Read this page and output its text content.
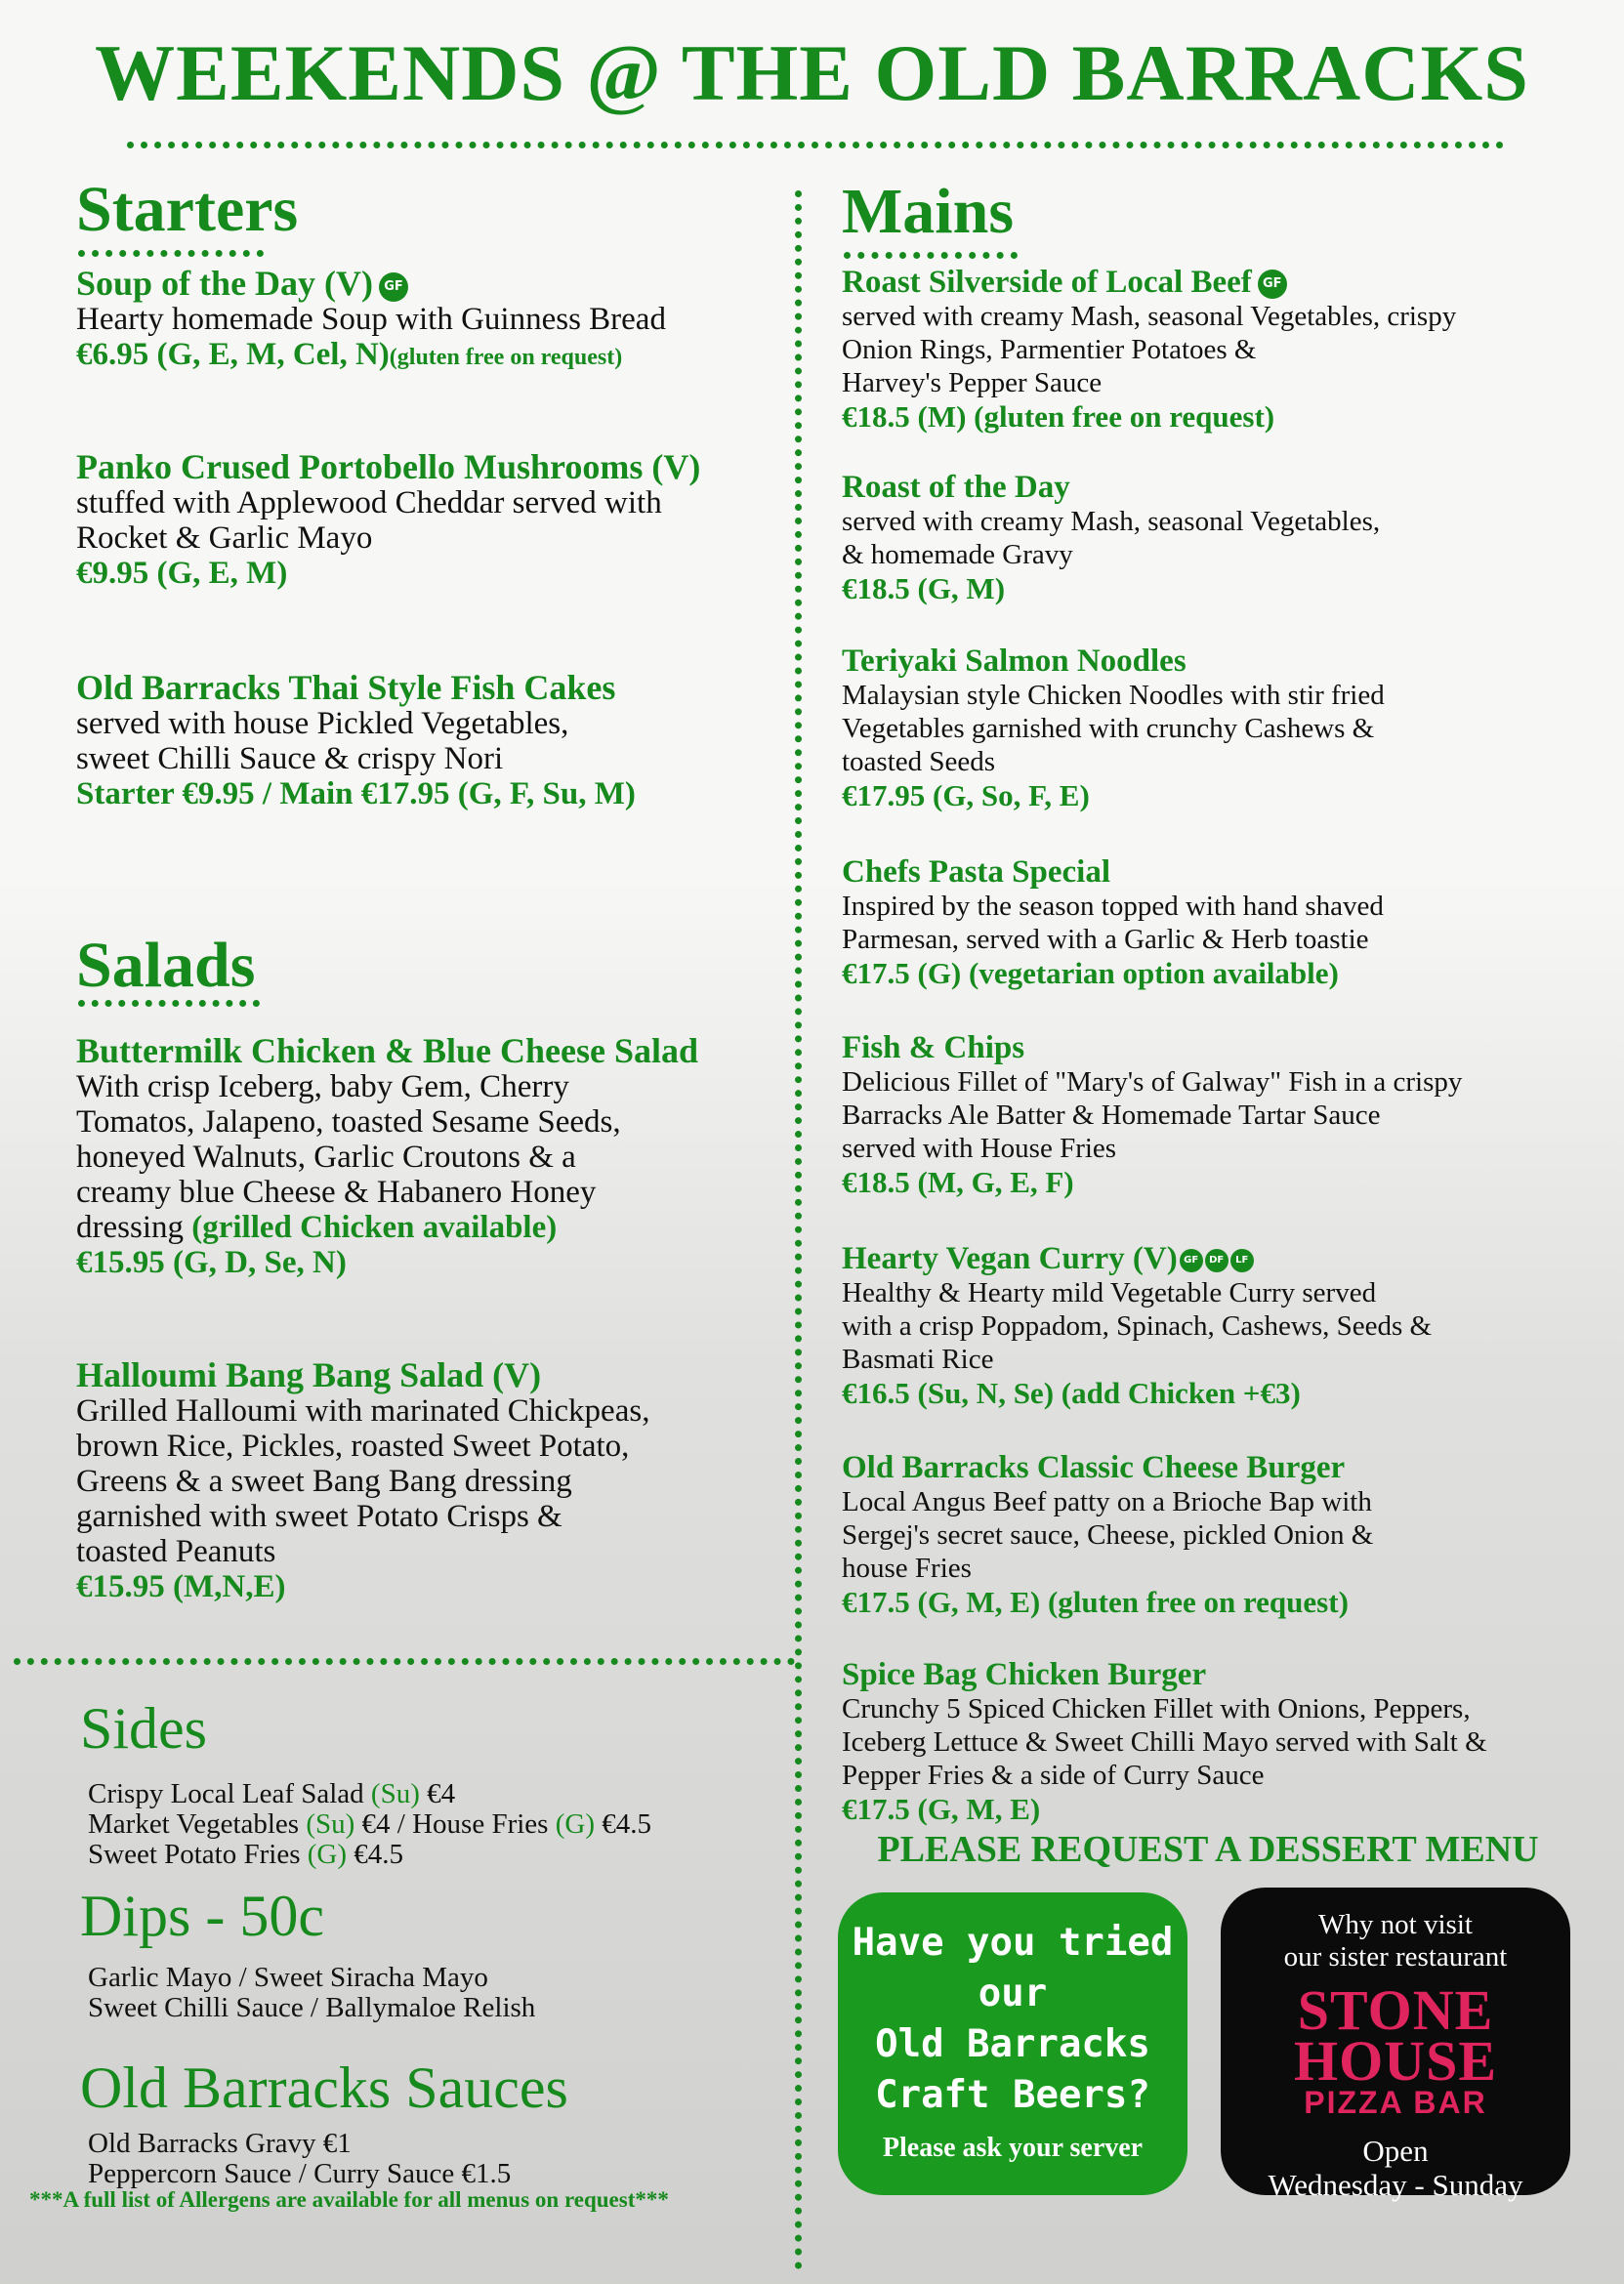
WEEKENDS @ THE OLD BARRACKS
Starters
Soup of the Day (V) GF
Hearty homemade Soup with Guinness Bread
€6.95 (G, E, M, Cel, N)(gluten free on request)
Panko Crused Portobello Mushrooms (V)
stuffed with Applewood Cheddar served with
Rocket & Garlic Mayo
€9.95 (G, E, M)
Old Barracks Thai Style Fish Cakes
served with house Pickled Vegetables,
sweet Chilli Sauce & crispy Nori
Starter €9.95 / Main €17.95 (G, F, Su, M)
Salads
Buttermilk Chicken & Blue Cheese Salad
With crisp Iceberg, baby Gem, Cherry
Tomatos, Jalapeno, toasted Sesame Seeds,
honeyed Walnuts, Garlic Croutons & a
creamy blue Cheese & Habanero Honey
dressing (grilled Chicken available)
€15.95 (G, D, Se, N)
Halloumi Bang Bang Salad (V)
Grilled Halloumi with marinated Chickpeas,
brown Rice, Pickles, roasted Sweet Potato,
Greens & a sweet Bang Bang dressing
garnished with sweet Potato Crisps &
toasted Peanuts
€15.95 (M,N,E)
Sides
Crispy Local Leaf Salad (Su) €4
Market Vegetables (Su) €4 / House Fries (G) €4.5
Sweet Potato Fries (G) €4.5
Dips - 50c
Garlic Mayo / Sweet Siracha Mayo
Sweet Chilli Sauce / Ballymaloe Relish
Old Barracks Sauces
Old Barracks Gravy €1
Peppercorn Sauce / Curry Sauce €1.5
***A full list of Allergens are available for all menus on request***
Mains
Roast Silverside of Local Beef GF
served with creamy Mash, seasonal Vegetables, crispy
Onion Rings, Parmentier Potatoes &
Harvey's Pepper Sauce
€18.5 (M) (gluten free on request)
Roast of the Day
served with creamy Mash, seasonal Vegetables,
& homemade Gravy
€18.5 (G, M)
Teriyaki Salmon Noodles
Malaysian style Chicken Noodles with stir fried
Vegetables garnished with crunchy Cashews &
toasted Seeds
€17.95 (G, So, F, E)
Chefs Pasta Special
Inspired by the season topped with hand shaved
Parmesan, served with a Garlic & Herb toastie
€17.5 (G) (vegetarian option available)
Fish & Chips
Delicious Fillet of "Mary's of Galway" Fish in a crispy
Barracks Ale Batter & Homemade Tartar Sauce
served with House Fries
€18.5 (M, G, E, F)
Hearty Vegan Curry (V) GF DF LF
Healthy & Hearty mild Vegetable Curry served
with a crisp Poppadom, Spinach, Cashews, Seeds &
Basmati Rice
€16.5 (Su, N, Se) (add Chicken +€3)
Old Barracks Classic Cheese Burger
Local Angus Beef patty on a Brioche Bap with
Sergej's secret sauce, Cheese, pickled Onion &
house Fries
€17.5 (G, M, E) (gluten free on request)
Spice Bag Chicken Burger
Crunchy 5 Spiced Chicken Fillet with Onions, Peppers,
Iceberg Lettuce & Sweet Chilli Mayo served with Salt &
Pepper Fries & a side of Curry Sauce
€17.5 (G, M, E)
PLEASE REQUEST A DESSERT MENU
Have you tried
our
Old Barracks
Craft Beers?
Please ask your server
Why not visit
our sister restaurant
STONE
HOUSE
PIZZA BAR
Open
Wednesday - Sunday
